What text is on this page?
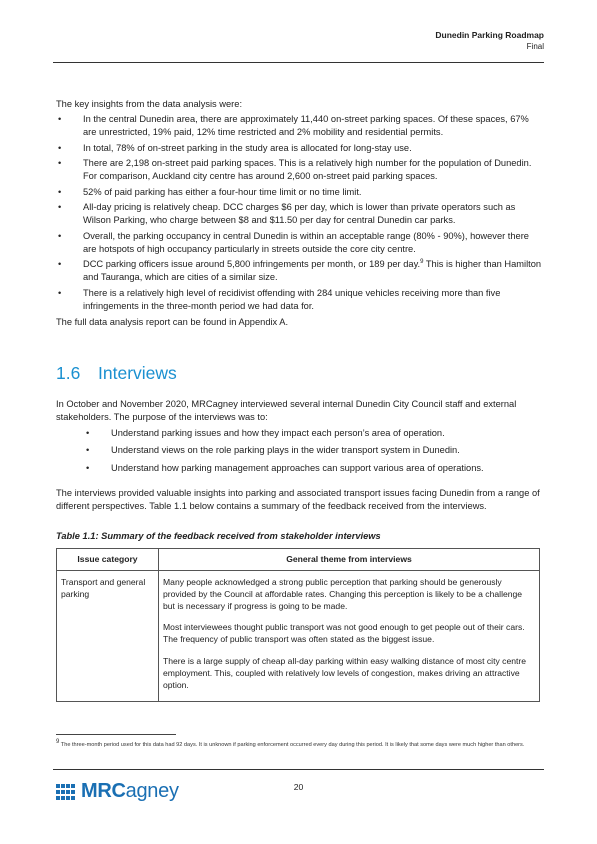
Dunedin Parking Roadmap
Final

The key insights from the data analysis were:

• In the central Dunedin area, there are approximately 11,440 on-street parking spaces. Of these spaces, 67% are unrestricted, 19% paid, 12% time restricted and 2% mobility and residential permits.
• In total, 78% of on-street parking in the study area is allocated for long-stay use.
• There are 2,198 on-street paid parking spaces. This is a relatively high number for the population of Dunedin. For comparison, Auckland city centre has around 2,600 on-street paid parking spaces.
• 52% of paid parking has either a four-hour time limit or no time limit.
• All-day pricing is relatively cheap. DCC charges $6 per day, which is lower than private operators such as Wilson Parking, who charge between $8 and $11.50 per day for central Dunedin car parks.
• Overall, the parking occupancy in central Dunedin is within an acceptable range (80% - 90%), however there are hotspots of high occupancy particularly in streets outside the core city centre.
• DCC parking officers issue around 5,800 infringements per month, or 189 per day.$^9$ This is higher than Hamilton and Tauranga, which are cities of a similar size.
• There is a relatively high level of recidivist offending with 284 unique vehicles receiving more than five infringements in the three-month period we had data for.

The full data analysis report can be found in Appendix A.

1.6 Interviews

In October and November 2020, MRCagney interviewed several internal Dunedin City Council staff and external stakeholders. The purpose of the interviews was to:

• Understand parking issues and how they impact each person’s area of operation.
• Understand views on the role parking plays in the wider transport system in Dunedin.
• Understand how parking management approaches can support various area of operations.

The interviews provided valuable insights into parking and associated transport issues facing Dunedin from a range of different perspectives. Table 1.1 below contains a summary of the feedback received from the interviews.

Table 1.1: Summary of the feedback received from stakeholder interviews

Issue category	General theme from interviews
Transport and general parking	Many people acknowledged a strong public perception that parking should be generously provided by the Council at affordable rates. Changing this perception is likely to be a challenge but is necessary if progress is going to be made.

Most interviewees thought public transport was not good enough to get people out of their cars. The frequency of public transport was often stated as the biggest issue.

There is a large supply of cheap all-day parking within easy walking distance of most city centre employment. This, coupled with relatively low levels of congestion, makes driving an attractive option.

$^9$ The three-month period used for this data had 92 days. It is unknown if parking enforcement occurred every day during this period. It is likely that some days were much higher than others.
MRCagney	20
